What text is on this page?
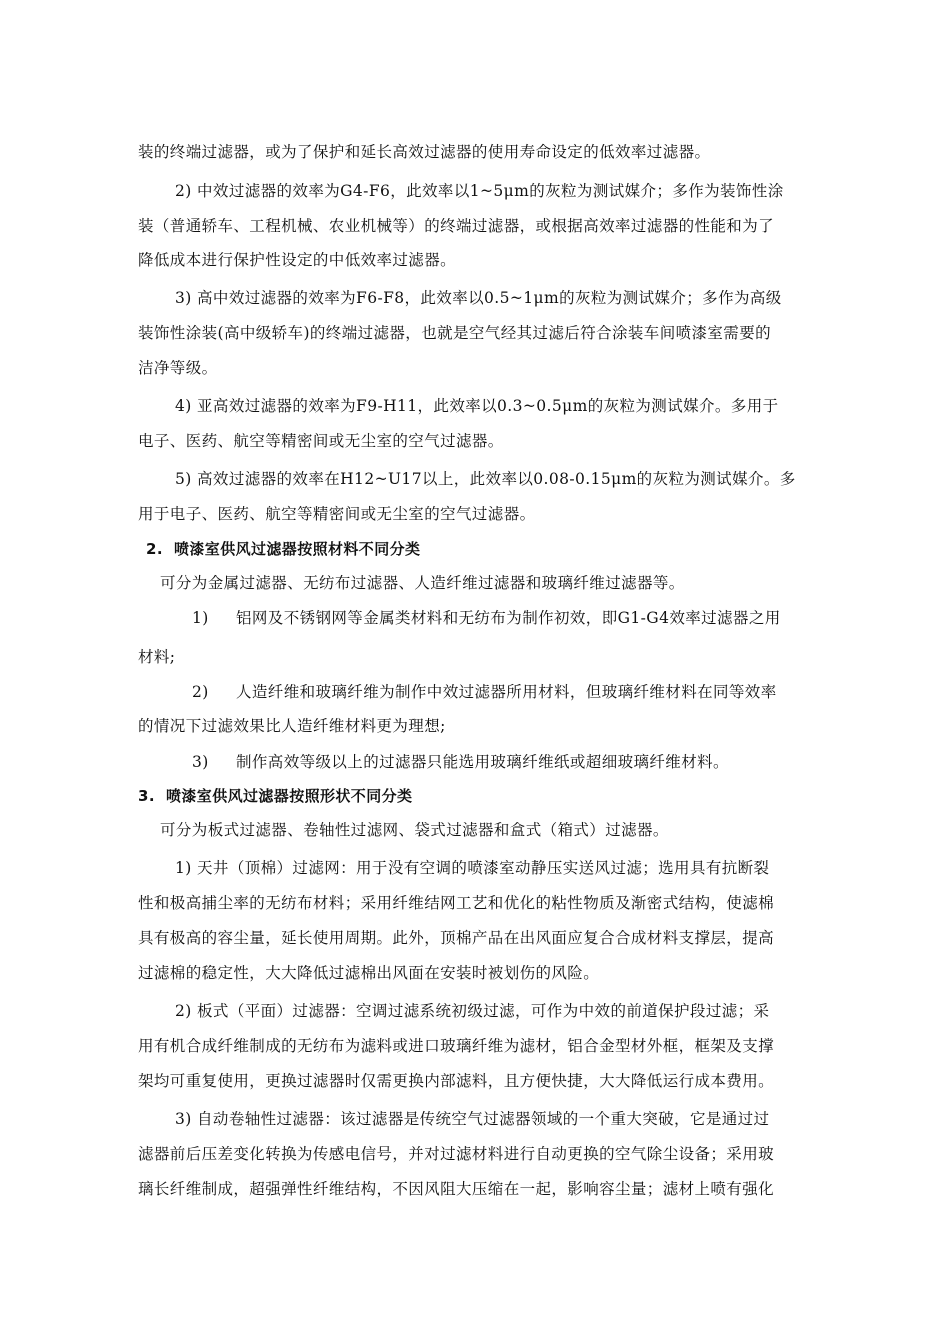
装的终端过滤器，或为了保护和延长高效过滤器的使用寿命设定的低效率过滤器。
2) 中效过滤器的效率为G4-F6，此效率以1~5μm的灰粒为测试媒介；多作为装饰性涂
装（普通轿车、工程机械、农业机械等）的终端过滤器，或根据高效率过滤器的性能和为了
降低成本进行保护性设定的中低效率过滤器。
3) 高中效过滤器的效率为F6-F8，此效率以0.5~1μm的灰粒为测试媒介；多作为高级
装饰性涂装(高中级轿车)的终端过滤器，也就是空气经其过滤后符合涂装车间喷漆室需要的
洁净等级。
4) 亚高效过滤器的效率为F9-H11，此效率以0.3~0.5μm的灰粒为测试媒介。多用于
电子、医药、航空等精密间或无尘室的空气过滤器。
5) 高效过滤器的效率在H12~U17以上，此效率以0.08-0.15μm的灰粒为测试媒介。多
用于电子、医药、航空等精密间或无尘室的空气过滤器。
2. 喷漆室供风过滤器按照材料不同分类
可分为金属过滤器、无纺布过滤器、人造纤维过滤器和玻璃纤维过滤器等。
1) 铝网及不锈钢网等金属类材料和无纺布为制作初效，即G1-G4效率过滤器之用
材料;
2) 人造纤维和玻璃纤维为制作中效过滤器所用材料，但玻璃纤维材料在同等效率
的情况下过滤效果比人造纤维材料更为理想;
3) 制作高效等级以上的过滤器只能选用玻璃纤维纸或超细玻璃纤维材料。
3. 喷漆室供风过滤器按照形状不同分类
可分为板式过滤器、卷轴性过滤网、袋式过滤器和盒式（箱式）过滤器。
1) 天井（顶棉）过滤网：用于没有空调的喷漆室动静压实送风过滤；选用具有抗断裂
性和极高捕尘率的无纺布材料；采用纤维结网工艺和优化的粘性物质及渐密式结构，使滤棉
具有极高的容尘量，延长使用周期。此外，顶棉产品在出风面应复合合成材料支撑层，提高
过滤棉的稳定性，大大降低过滤棉出风面在安装时被划伤的风险。
2) 板式（平面）过滤器：空调过滤系统初级过滤，可作为中效的前道保护段过滤；采
用有机合成纤维制成的无纺布为滤料或进口玻璃纤维为滤材，铝合金型材外框，框架及支撑
架均可重复使用，更换过滤器时仅需更换内部滤料，且方便快捷，大大降低运行成本费用。
3) 自动卷轴性过滤器：该过滤器是传统空气过滤器领域的一个重大突破，它是通过过
滤器前后压差变化转换为传感电信号，并对过滤材料进行自动更换的空气除尘设备；采用玻
璃长纤维制成，超强弹性纤维结构，不因风阻大压缩在一起，影响容尘量；滤材上喷有强化
